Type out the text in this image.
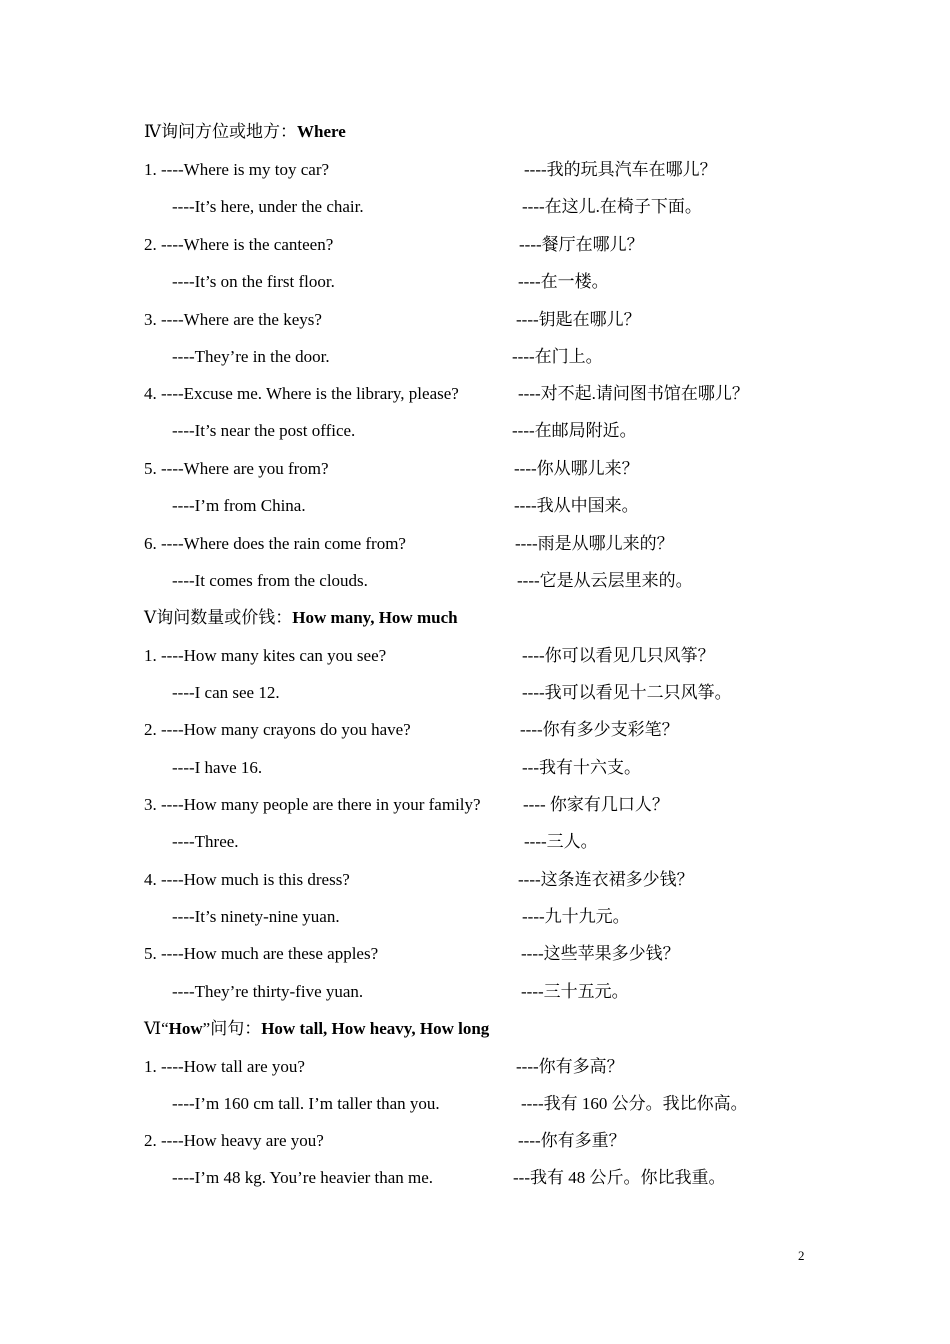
Ⅳ询问方位或地方：Where
1. ----Where is my toy car?	----我的玩具汽车在哪儿？
----It’s here, under the chair.	----在这儿.在椅子下面。
2. ----Where is the canteen?	----餐厅在哪儿？
----It’s on the first floor.	----在一楼。
3. ----Where are the keys?	----钥匙在哪儿？
----They’re in the door.	----在门上。
4. ----Excuse me. Where is the library, please?	----对不起.请问图书馆在哪儿？
----It’s near the post office.	----在邮局附近。
5. ----Where are you from?	----你从哪儿来？
----I’m from China.	----我从中国来。
6. ----Where does the rain come from?	----雨是从哪儿来的？
----It comes from the clouds.	----它是从云层里来的。
Ⅴ询问数量或价钱：How many, How much
1. ----How many kites can you see?	----你可以看见几只风筝？
----I can see 12.	----我可以看见十二只风筝。
2. ----How many crayons do you have?	----你有多少支彩笔？
----I have 16.	---我有十六支。
3. ----How many people are there in your family? ---- 你家有几口人？
----Three.	----三人。
4. ----How much is this dress?	----这条连衣裙多少钱？
----It’s ninety-nine yuan.	----九十九元。
5. ----How much are these apples?	----这些苹果多少钱？
----They’re thirty-five yuan.	----三十五元。
Ⅵ“How”问句：How tall, How heavy, How long
1. ----How tall are you?	----你有多高？
----I’m 160 cm tall. I’m taller than you.	----我有 160 公分。我比你高。
2. ----How heavy are you?	----你有多重？
----I’m 48 kg. You’re heavier than me.	---我有 48 公斤。你比我重。
2
